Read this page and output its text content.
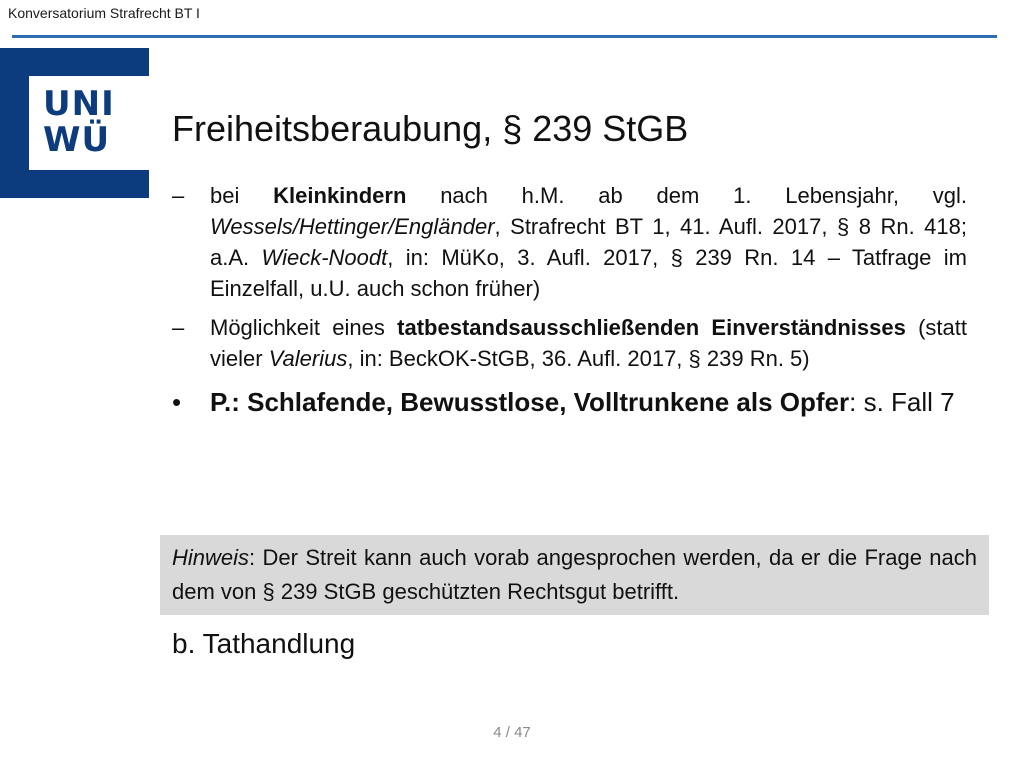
Konversatorium Strafrecht BT I
UNI
WÜ Freiheitsberaubung, § 239 StGB
– bei Kleinkindern nach h.M. ab dem 1. Lebensjahr, vgl. Wessels/Hettinger/Engländer, Strafrecht BT 1, 41. Aufl. 2017, § 8 Rn. 418; a.A. Wieck-Noodt, in: MüKo, 3. Aufl. 2017, § 239 Rn. 14 – Tatfrage im Einzelfall, u.U. auch schon früher)
– Möglichkeit eines tatbestandsausschließenden Einverständnisses (statt vieler Valerius, in: BeckOK-StGB, 36. Aufl. 2017, § 239 Rn. 5)
• P.: Schlafende, Bewusstlose, Volltrunkene als Opfer: s. Fall 7
Hinweis: Der Streit kann auch vorab angesprochen werden, da er die Frage nach dem von § 239 StGB geschützten Rechtsgut betrifft.
b. Tathandlung
4 / 47
